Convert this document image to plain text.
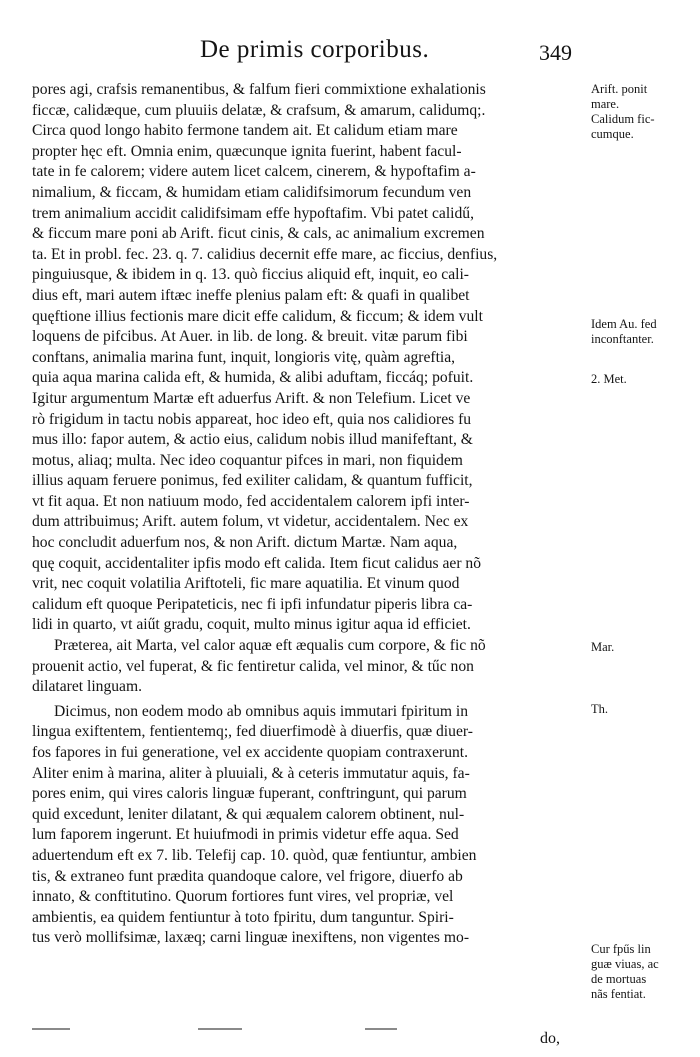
De primis corporibus.	349
pores agi, crafsis remanentibus, & falfum fieri commixtione exhalationis
ficcæ, calidæque, cum pluuiis delatæ, & crafsum, & amarum, calidumq;.
Circa quod longo habito fermone tandem ait. Et calidum etiam mare
propter hęc eft. Omnia enim, quæcunque ignita fuerint, habent facul-
tate in fe calorem; videre autem licet calcem, cinerem, & hypoftafim a-
nimalium, & ficcam, & humidam etiam calidifsimorum fecundum ven
trem animalium accidit calidifsimam effe hypoftafim. Vbi patet calidű,
& ficcum mare poni ab Arift. ficut cinis, & cals, ac animalium excremen
ta. Et in probl. fec. 23. q. 7. calidius decernit effe mare, ac ficcius, denfius,
pinguiusque, & ibidem in q. 13. quò ficcius aliquid eft, inquit, eo cali-
dius eft, mari autem iftæc ineffe plenius palam eft: & quafi in qualibet
quęftione illius fectionis mare dicit effe calidum, & ficcum; & idem vult
loquens de pifcibus. At Auer. in lib. de long. & breuit. vitæ parum fibi
conftans, animalia marina funt, inquit, longioris vitę, quàm agreftia,
quia aqua marina calida eft, & humida, & alibi aduftam, ficcáq; pofuit.
Igitur argumentum Martæ eft aduerfus Arift. & non Telefium. Licet ve
rò frigidum in tactu nobis appareat, hoc ideo eft, quia nos calidiores fu
mus illo: fapor autem, & actio eius, calidum nobis illud manifeftant, &
motus, aliaq; multa. Nec ideo coquantur pifces in mari, non fiquidem
illius aquam feruere ponimus, fed exiliter calidam, & quantum fufficit,
vt fit aqua. Et non natiuum modo, fed accidentalem calorem ipfi inter-
dum attribuimus; Arift. autem folum, vt videtur, accidentalem. Nec ex
hoc concludit aduerfum nos, & non Arift. dictum Martæ. Nam aqua,
quę coquit, accidentaliter ipfis modo eft calida. Item ficut calidus aer nõ
vrit, nec coquit volatilia Ariftoteli, fic mare aquatilia. Et vinum quod
calidum eft quoque Peripateticis, nec fi ipfi infundatur piperis libra ca-
lidi in quarto, vt aiűt gradu, coquit, multo minus igitur aqua id efficiet.
Præterea, ait Marta, vel calor aquæ eft æqualis cum corpore, & fic nõ
prouenit actio, vel fuperat, & fic fentiretur calida, vel minor, & tűc non
dilataret linguam.
Dicimus, non eodem modo ab omnibus aquis immutari fpiritum in
lingua exiftentem, fentientemq;, fed diuerfimodè à diuerfis, quæ diuer-
fos fapores in fui generatione, vel ex accidente quopiam contraxerunt.
Aliter enim à marina, aliter à pluuiali, & à ceteris immutatur aquis, fa-
pores enim, qui vires caloris linguæ fuperant, conftringunt, qui parum
quid excedunt, leniter dilatant, & qui æqualem calorem obtinent, nul-
lum faporem ingerunt. Et huiufmodi in primis videtur effe aqua. Sed
aduertendum eft ex 7. lib. Telefij cap. 10. quòd, quæ fentiuntur, ambien
tis, & extraneo funt prædita quandoque calore, vel frigore, diuerfo ab
innato, & conftitutino. Quorum fortiores funt vires, vel propriæ, vel
ambientis, ea quidem fentiuntur à toto fpiritu, dum tanguntur. Spiri-
tus verò mollifsimæ, laxæq; carni linguæ inexiftens, non vigentes mo-
Arift. ponit
mare.
Calidum fic-
cumque.
Idem Au. fed
inconftanter.
2. Met.
Mar.
Th.
Cur fpűs lin
guæ viuas, ac
de mortuas
nãs fentiat.
do,
